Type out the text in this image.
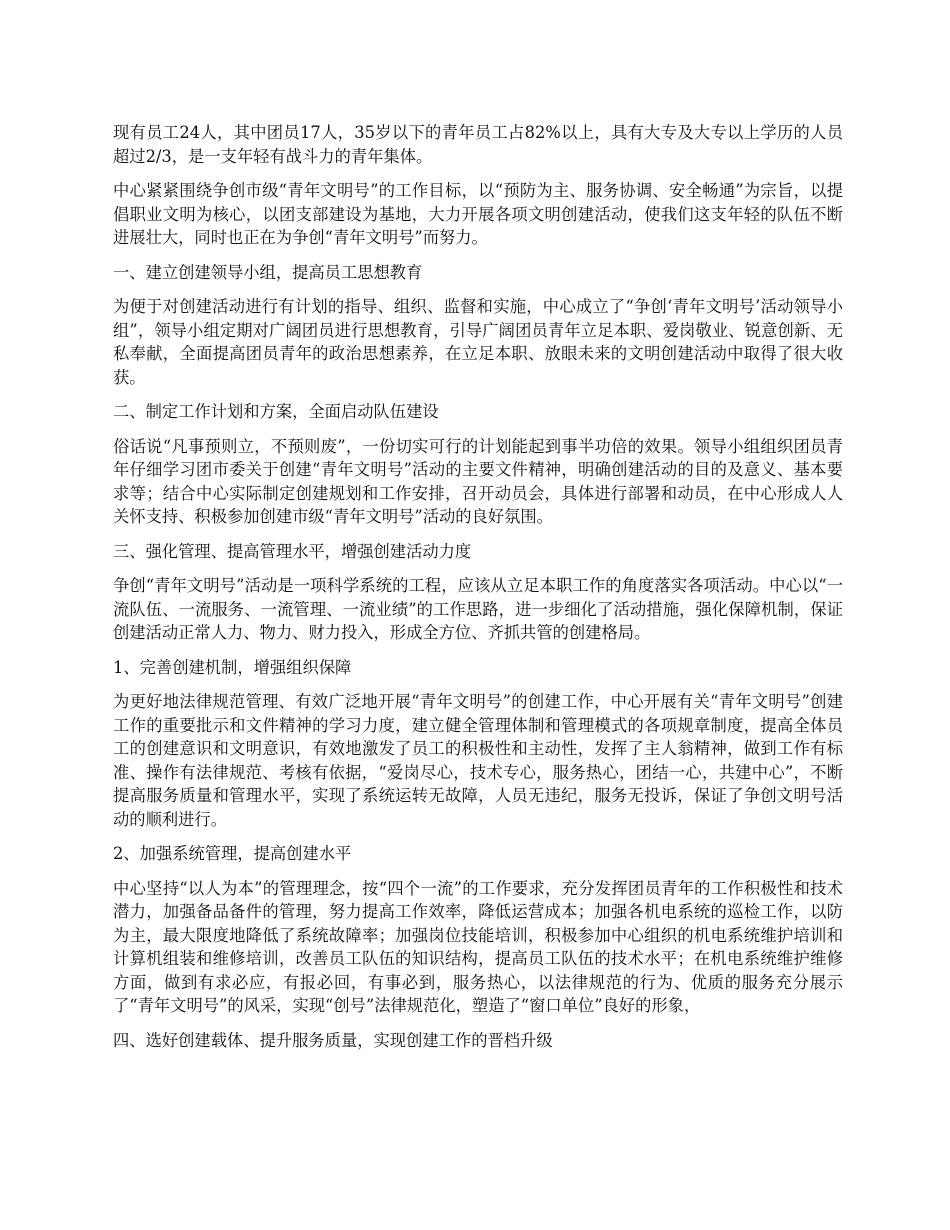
现有员工24人，其中团员17人，35岁以下的青年员工占82%以上，具有大专及大专以上学历的人员超过2/3，是一支年轻有战斗力的青年集体。

中心紧紧围绕争创市级“青年文明号”的工作目标，以“预防为主、服务协调、安全畅通”为宗旨，以提倡职业文明为核心，以团支部建设为基地，大力开展各项文明创建活动，使我们这支年轻的队伍不断进展壮大，同时也正在为争创“青年文明号”而努力。

一、建立创建领导小组，提高员工思想教育

为便于对创建活动进行有计划的指导、组织、监督和实施，中心成立了“争创‘青年文明号’活动领导小组”，领导小组定期对广阔团员进行思想教育，引导广阔团员青年立足本职、爱岗敬业、锐意创新、无私奉献，全面提高团员青年的政治思想素养，在立足本职、放眼未来的文明创建活动中取得了很大收获。

二、制定工作计划和方案，全面启动队伍建设

俗话说“凡事预则立，不预则废”，一份切实可行的计划能起到事半功倍的效果。领导小组组织团员青年仔细学习团市委关于创建“青年文明号”活动的主要文件精神，明确创建活动的目的及意义、基本要求等；结合中心实际制定创建规划和工作安排，召开动员会，具体进行部署和动员，在中心形成人人关怀支持、积极参加创建市级“青年文明号”活动的良好氛围。

三、强化管理、提高管理水平，增强创建活动力度

争创“青年文明号”活动是一项科学系统的工程，应该从立足本职工作的角度落实各项活动。中心以“一流队伍、一流服务、一流管理、一流业绩”的工作思路，进一步细化了活动措施，强化保障机制，保证创建活动正常人力、物力、财力投入，形成全方位、齐抓共管的创建格局。

1、完善创建机制，增强组织保障

为更好地法律规范管理、有效广泛地开展“青年文明号”的创建工作，中心开展有关“青年文明号”创建工作的重要批示和文件精神的学习力度，建立健全管理体制和管理模式的各项规章制度，提高全体员工的创建意识和文明意识，有效地激发了员工的积极性和主动性，发挥了主人翁精神，做到工作有标准、操作有法律规范、考核有依据，“爱岗尽心，技术专心，服务热心，团结一心，共建中心”，不断提高服务质量和管理水平，实现了系统运转无故障，人员无违纪，服务无投诉，保证了争创文明号活动的顺利进行。

2、加强系统管理，提高创建水平

中心坚持“以人为本”的管理理念，按“四个一流”的工作要求，充分发挥团员青年的工作积极性和技术潜力，加强备品备件的管理，努力提高工作效率，降低运营成本；加强各机电系统的巡检工作，以防为主，最大限度地降低了系统故障率；加强岗位技能培训，积极参加中心组织的机电系统维护培训和计算机组装和维修培训，改善员工队伍的知识结构，提高员工队伍的技术水平；在机电系统维护维修方面，做到有求必应，有报必回，有事必到，服务热心，以法律规范的行为、优质的服务充分展示了“青年文明号”的风采，实现“创号”法律规范化，塑造了“窗口单位”良好的形象，

四、选好创建载体、提升服务质量，实现创建工作的晋档升级
